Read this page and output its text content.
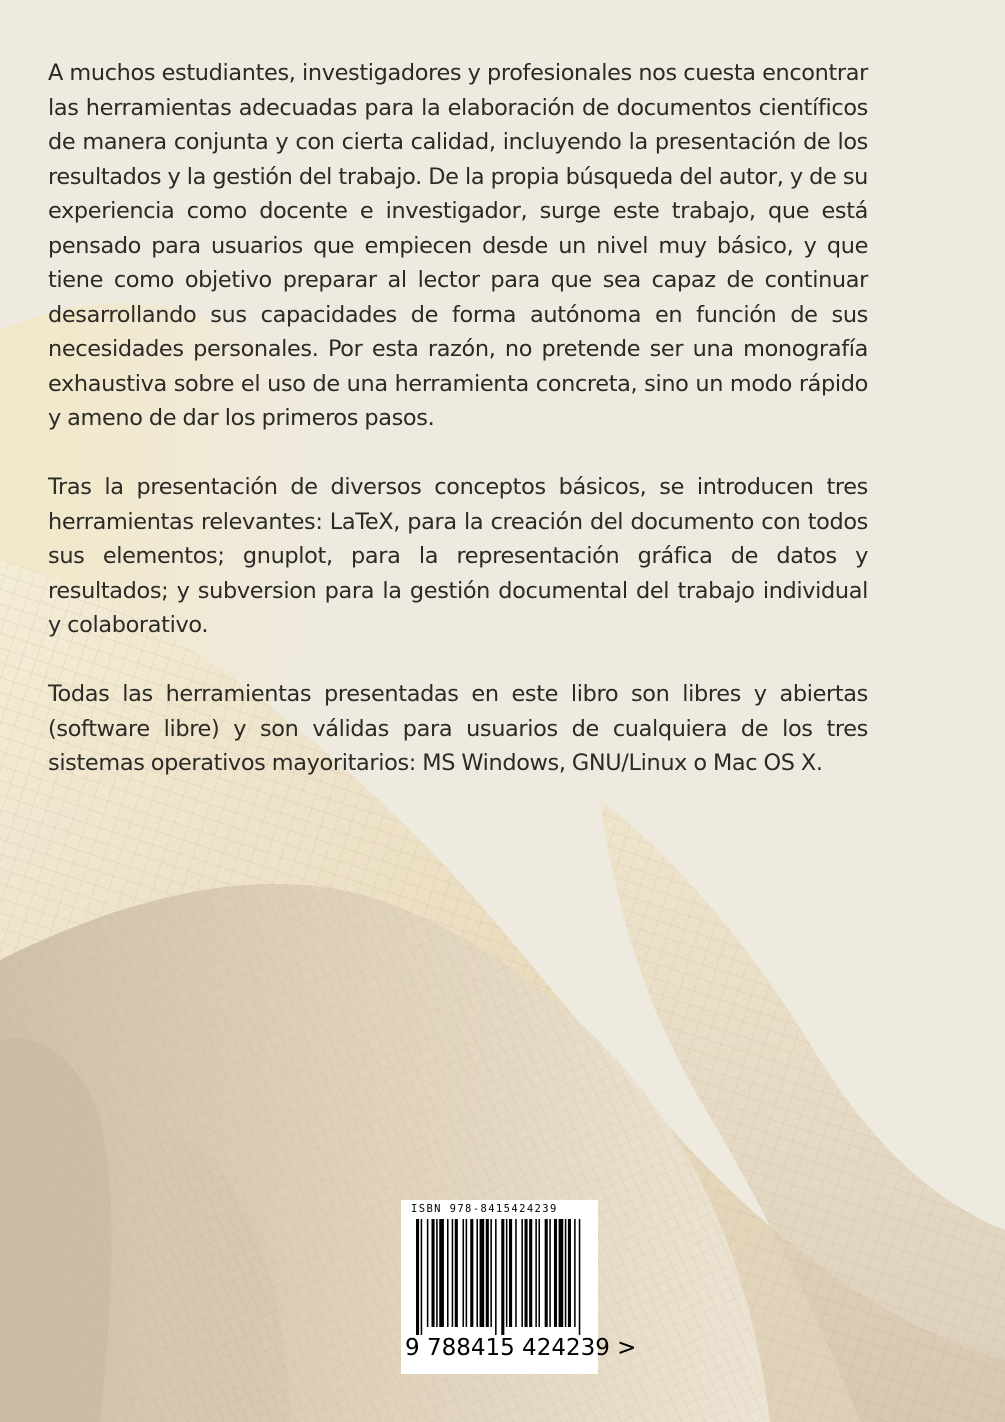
A muchos estudiantes, investigadores y profesionales nos cuesta encontrar las herramientas adecuadas para la elaboración de documentos científicos de manera conjunta y con cierta calidad, incluyendo la presentación de los resultados y la gestión del trabajo. De la propia búsqueda del autor, y de su experiencia como docente e investigador, surge este trabajo, que está pensado para usuarios que empiecen desde un nivel muy básico, y que tiene como objetivo preparar al lector para que sea capaz de continuar desarrollando sus capacidades de forma autónoma en función de sus necesidades personales. Por esta razón, no pretende ser una monografía exhaustiva sobre el uso de una herramienta concreta, sino un modo rápido y ameno de dar los primeros pasos.

Tras la presentación de diversos conceptos básicos, se introducen tres herramientas relevantes: LaTeX, para la creación del documento con todos sus elementos; gnuplot, para la representación gráfica de datos y resultados; y subversion para la gestión documental del trabajo individual y colaborativo.

Todas las herramientas presentadas en este libro son libres y abiertas (software libre) y son válidas para usuarios de cualquiera de los tres sistemas operativos mayoritarios: MS Windows, GNU/Linux o Mac OS X.

ISBN 978-8415424239
9 788415 424239 >
